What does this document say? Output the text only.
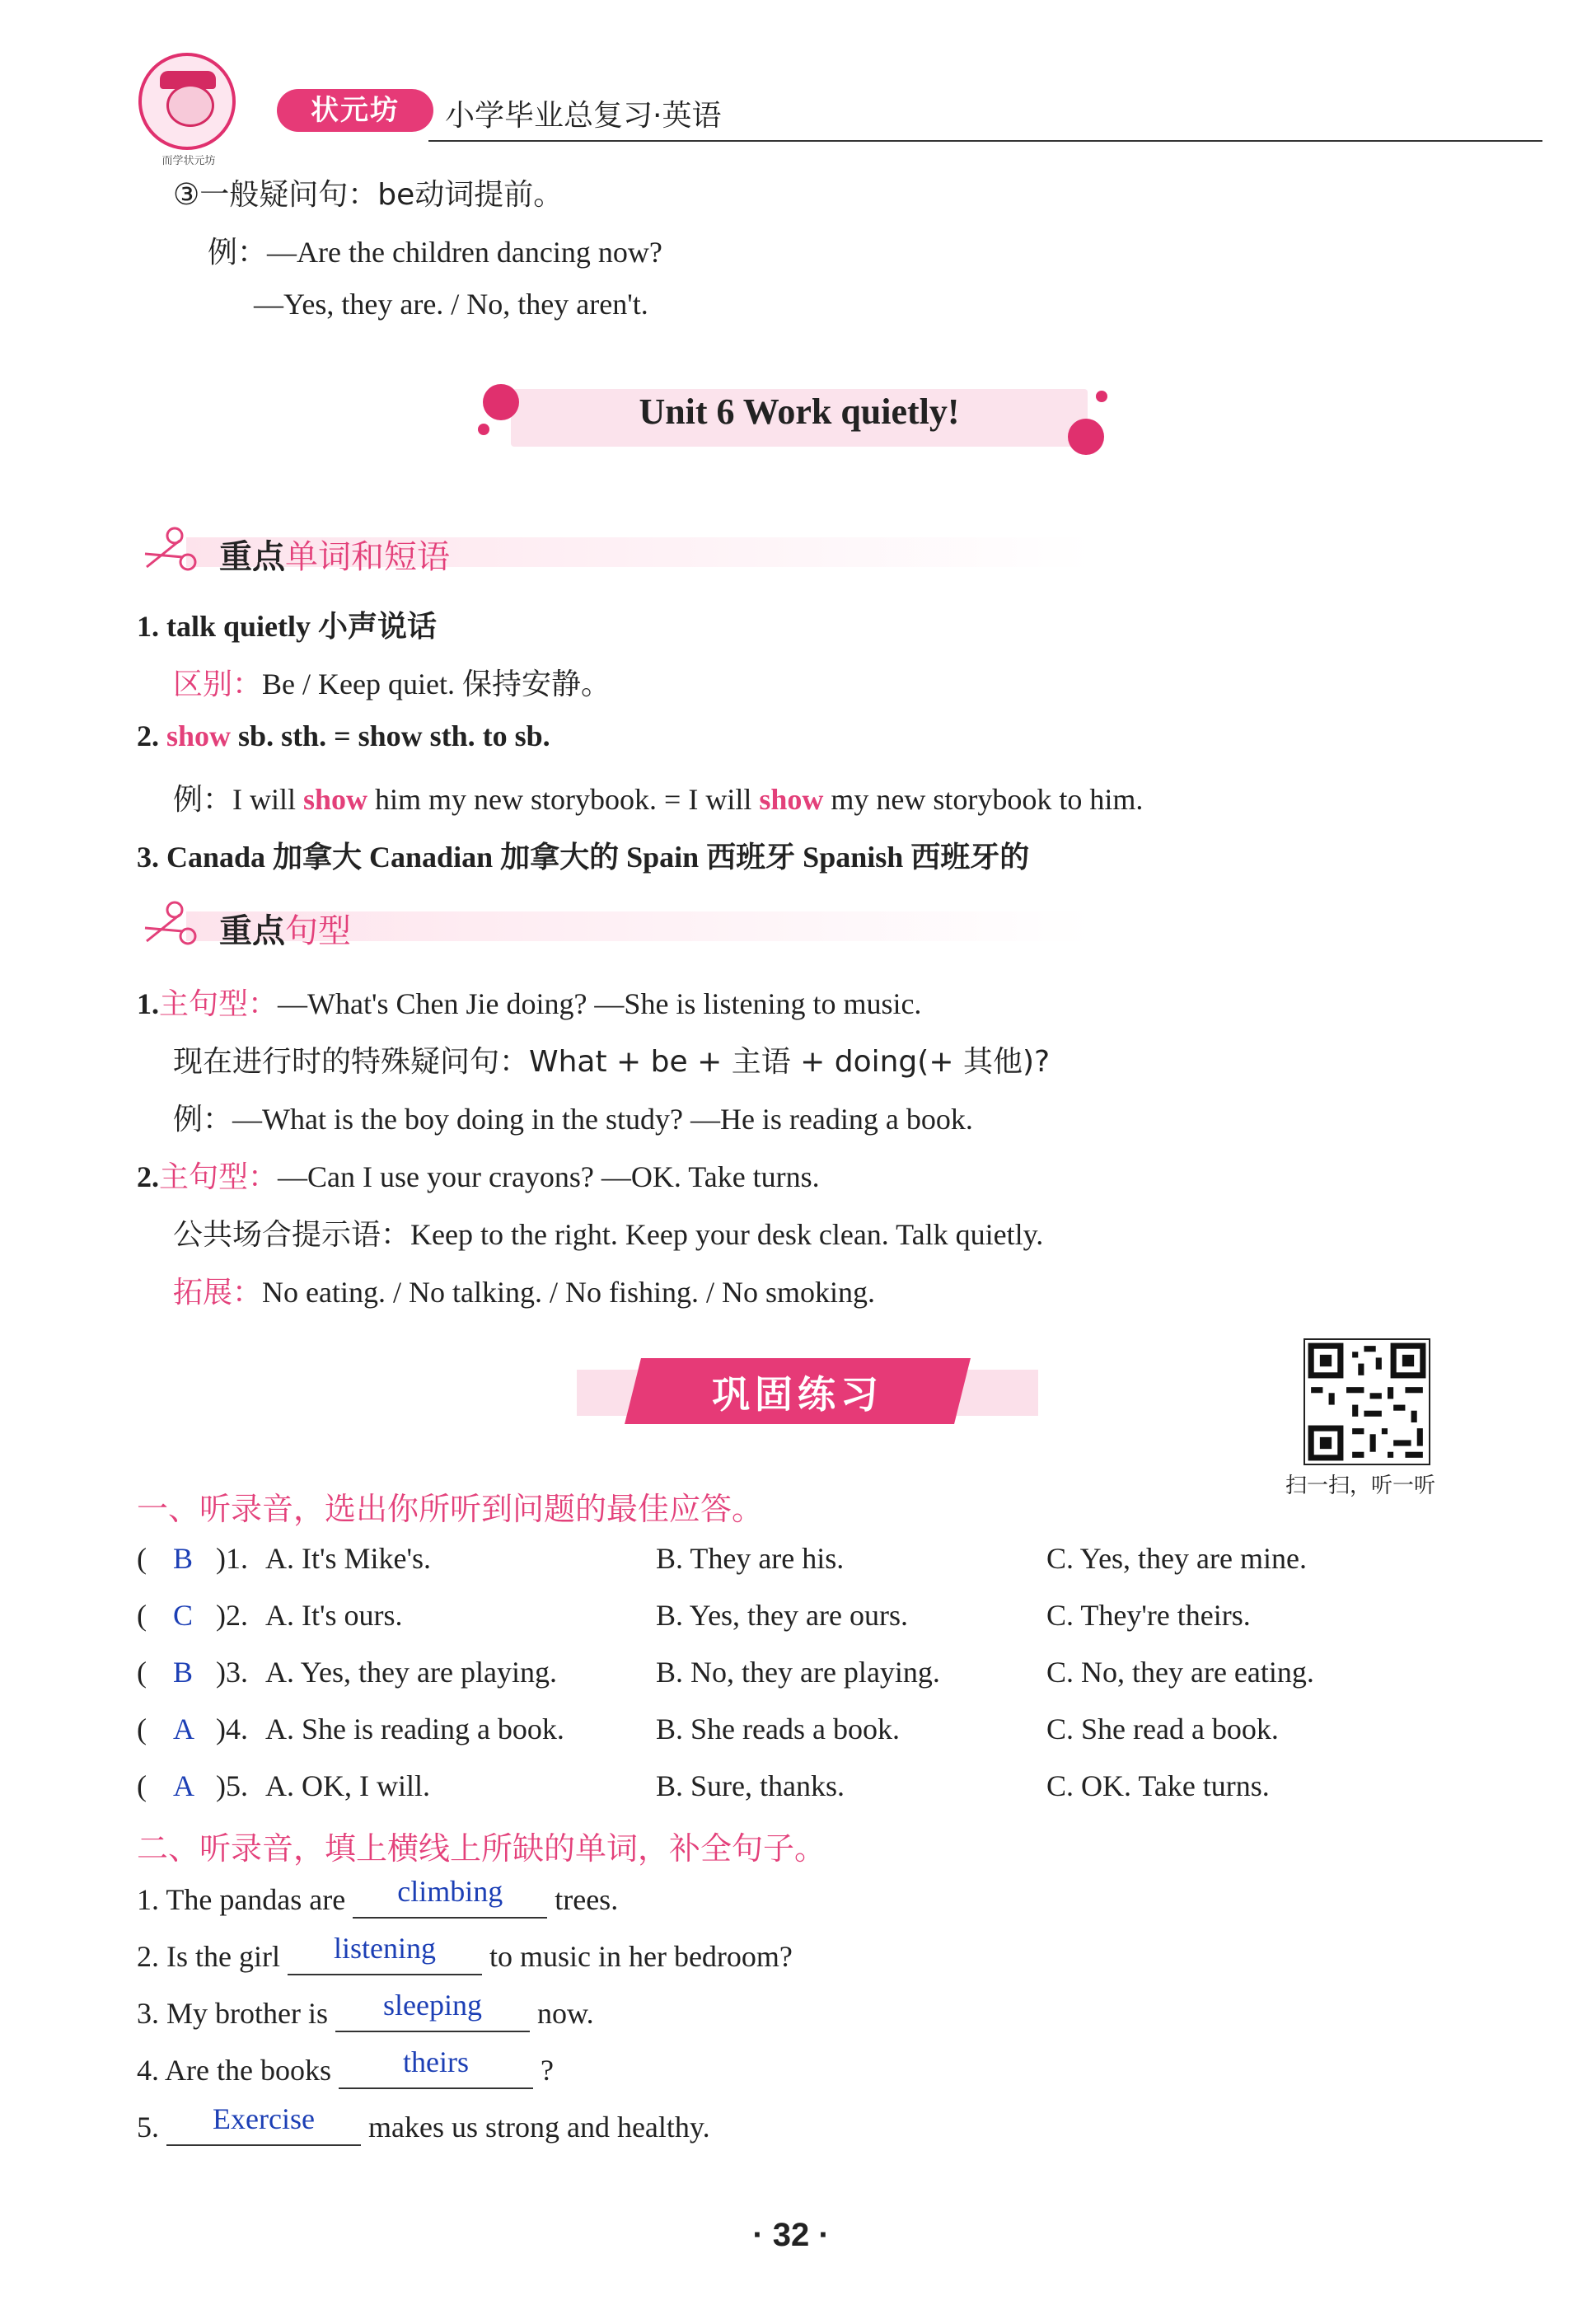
而学状元坊
状元坊	小学毕业总复习·英语
③一般疑问句：be动词提前。
例：—Are the children dancing now?
—Yes, they are. / No, they aren't.
Unit 6 Work quietly!
重点单词和短语
1. talk quietly 小声说话
区别：Be / Keep quiet. 保持安静。
2. show sb. sth. = show sth. to sb.
例：I will show him my new storybook. = I will show my new storybook to him.
3. Canada 加拿大 Canadian 加拿大的 Spain 西班牙 Spanish 西班牙的
重点句型
1.主句型：—What's Chen Jie doing? —She is listening to music.
现在进行时的特殊疑问句：What + be + 主语 + doing(+ 其他)?
例：—What is the boy doing in the study? —He is reading a book.
2.主句型：—Can I use your crayons? —OK. Take turns.
公共场合提示语：Keep to the right. Keep your desk clean. Talk quietly.
拓展：No eating. / No talking. / No fishing. / No smoking.
巩固练习
扫一扫，听一听
一、听录音，选出你所听到问题的最佳应答。
( B )1. A. It's Mike's.	B. They are his.	C. Yes, they are mine.
( C )2. A. It's ours.	B. Yes, they are ours.	C. They're theirs.
( B )3. A. Yes, they are playing.	B. No, they are playing.	C. No, they are eating.
( A )4. A. She is reading a book.	B. She reads a book.	C. She read a book.
( A )5. A. OK, I will.	B. Sure, thanks.	C. OK. Take turns.
二、听录音，填上横线上所缺的单词，补全句子。
1. The pandas are climbing trees.
2. Is the girl listening to music in her bedroom?
3. My brother is sleeping now.
4. Are the books theirs ?
5. Exercise makes us strong and healthy.
· 32 ·
